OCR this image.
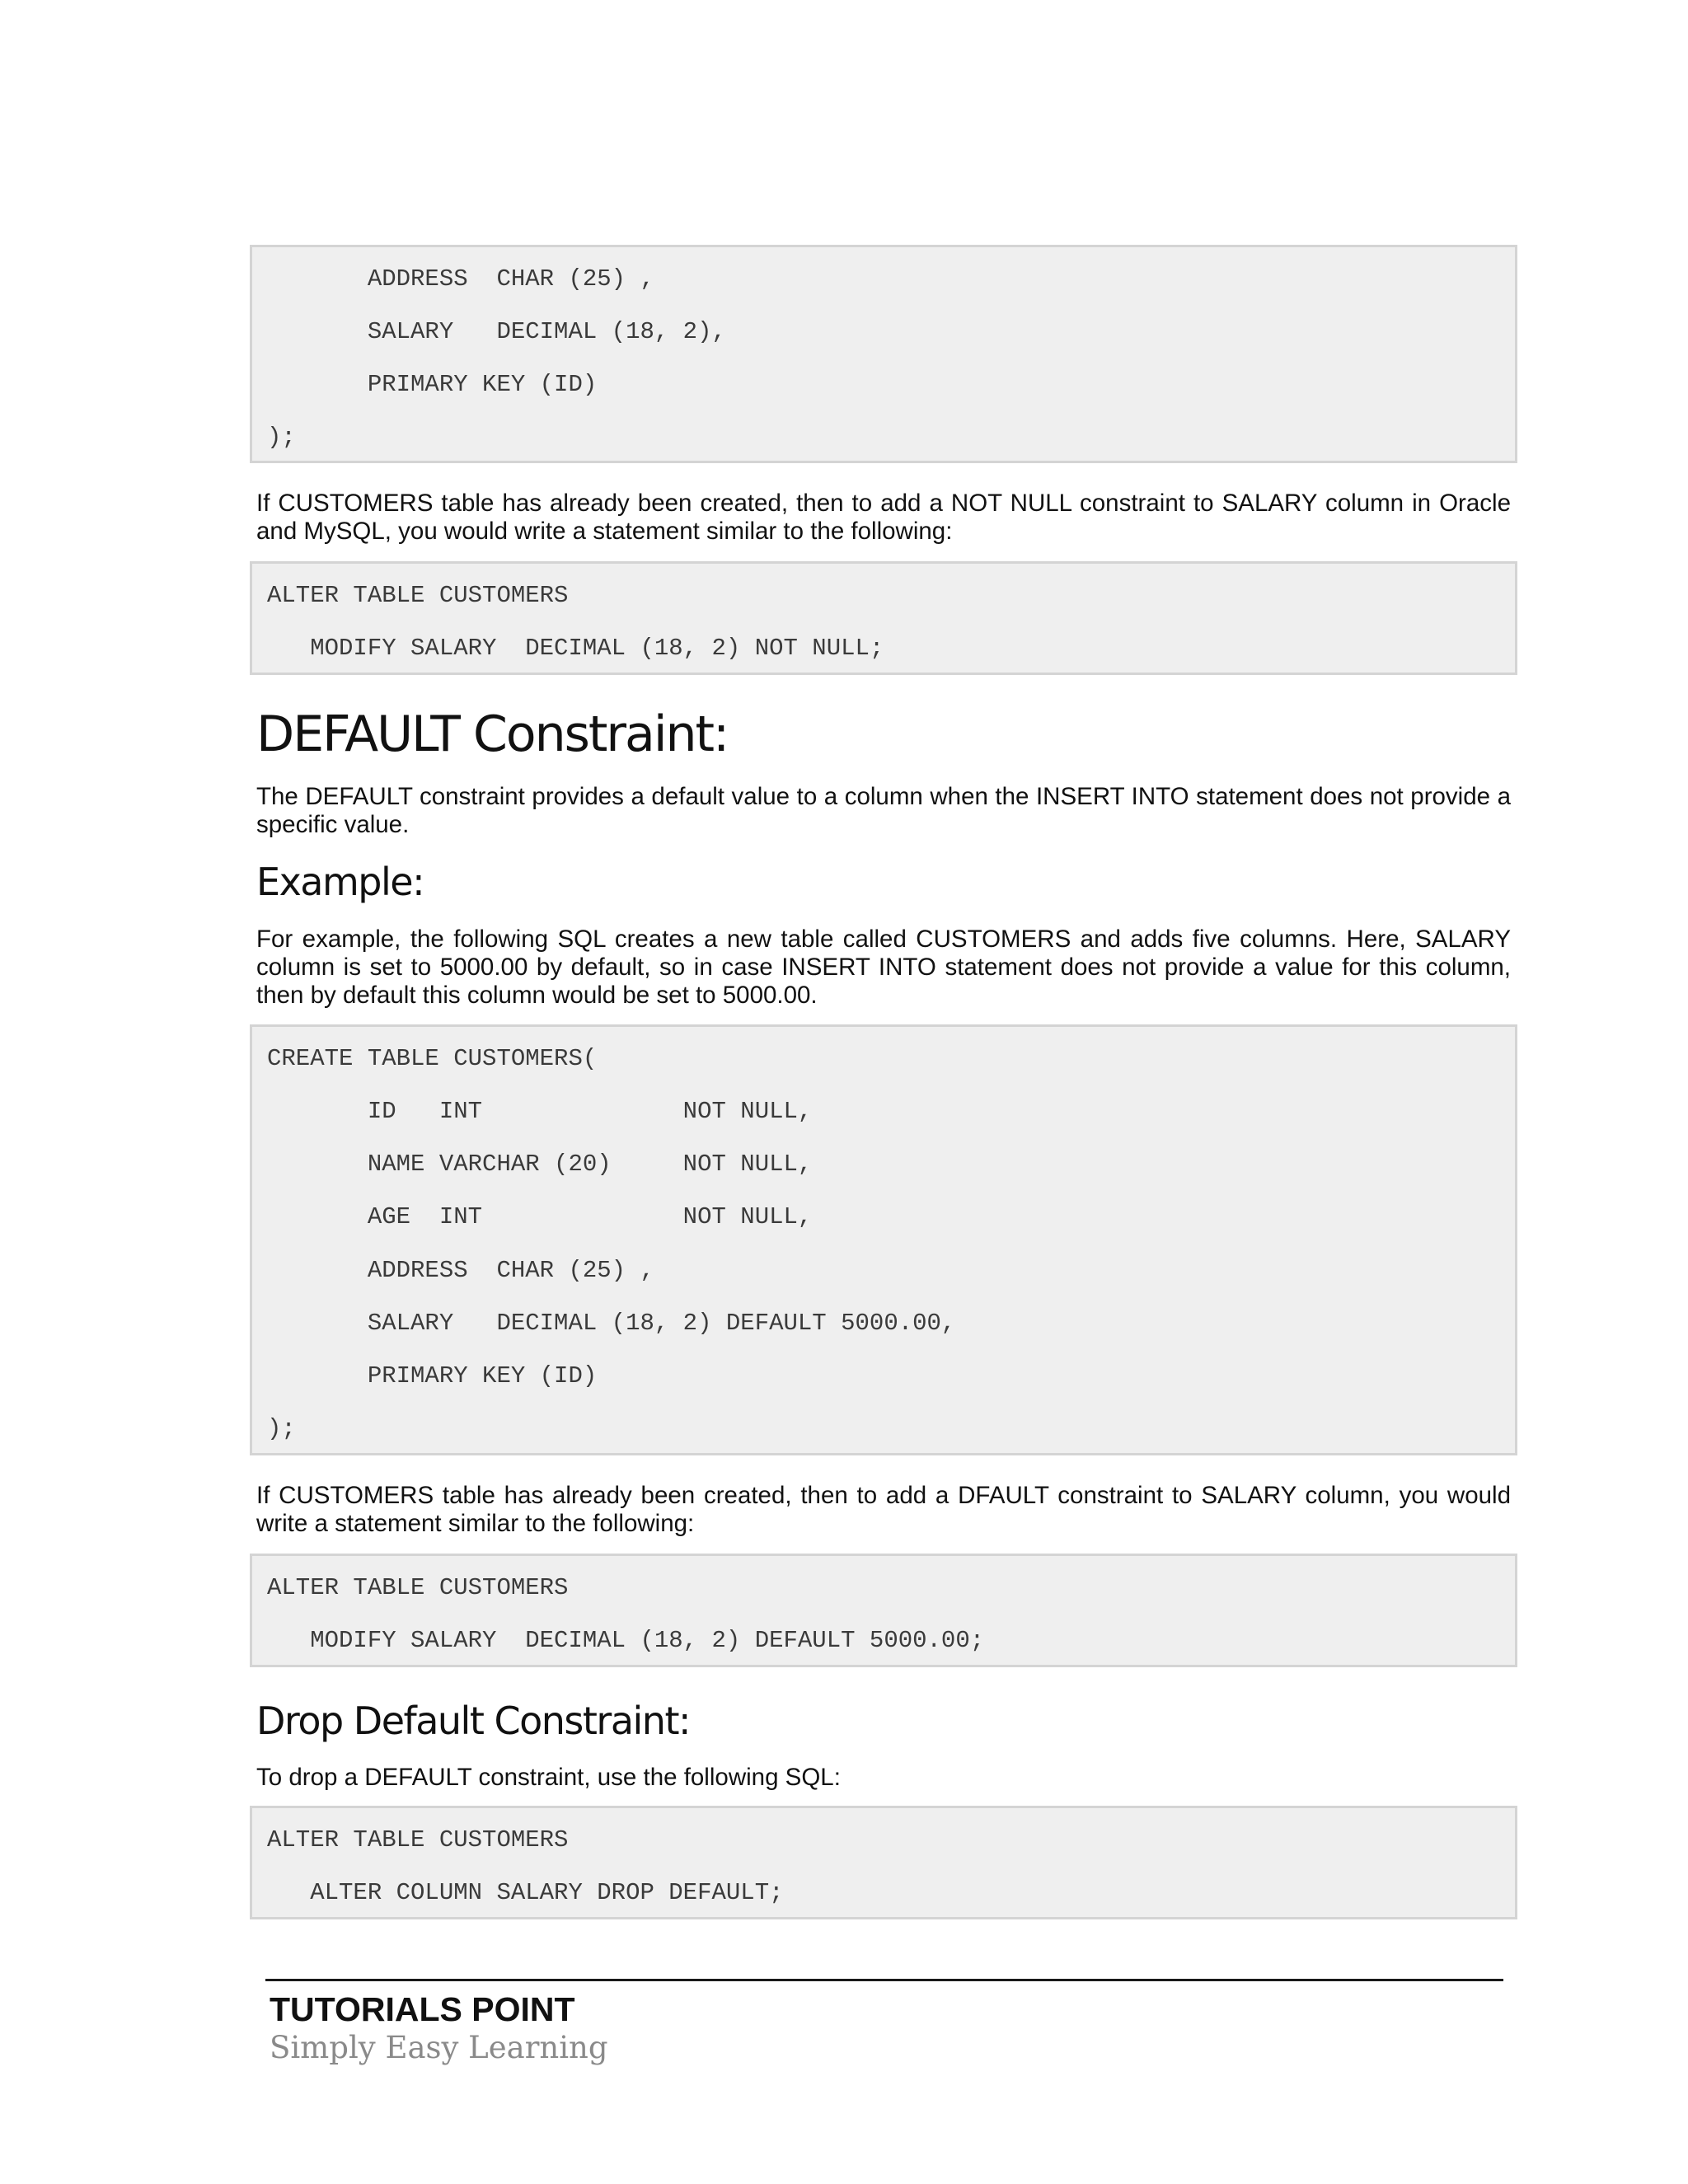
ADDRESS  CHAR (25) ,
SALARY   DECIMAL (18, 2),
PRIMARY KEY (ID)
);

If CUSTOMERS table has already been created, then to add a NOT NULL constraint to SALARY column in Oracle and MySQL, you would write a statement similar to the following:

ALTER TABLE CUSTOMERS
MODIFY SALARY  DECIMAL (18, 2) NOT NULL;
DEFAULT Constraint:

The DEFAULT constraint provides a default value to a column when the INSERT INTO statement does not provide a specific value.

Example:

For example, the following SQL creates a new table called CUSTOMERS and adds five columns. Here, SALARY column is set to 5000.00 by default, so in case INSERT INTO statement does not provide a value for this column, then by default this column would be set to 5000.00.

CREATE TABLE CUSTOMERS(
ID   INT              NOT NULL,
NAME VARCHAR (20)     NOT NULL,
AGE  INT              NOT NULL,
ADDRESS  CHAR (25) ,
SALARY   DECIMAL (18, 2) DEFAULT 5000.00,
PRIMARY KEY (ID)
);

If CUSTOMERS table has already been created, then to add a DFAULT constraint to SALARY column, you would write a statement similar to the following:

ALTER TABLE CUSTOMERS
MODIFY SALARY  DECIMAL (18, 2) DEFAULT 5000.00;
Drop Default Constraint:

To drop a DEFAULT constraint, use the following SQL:

ALTER TABLE CUSTOMERS
ALTER COLUMN SALARY DROP DEFAULT;
TUTORIALS POINT
Simply Easy Learning
